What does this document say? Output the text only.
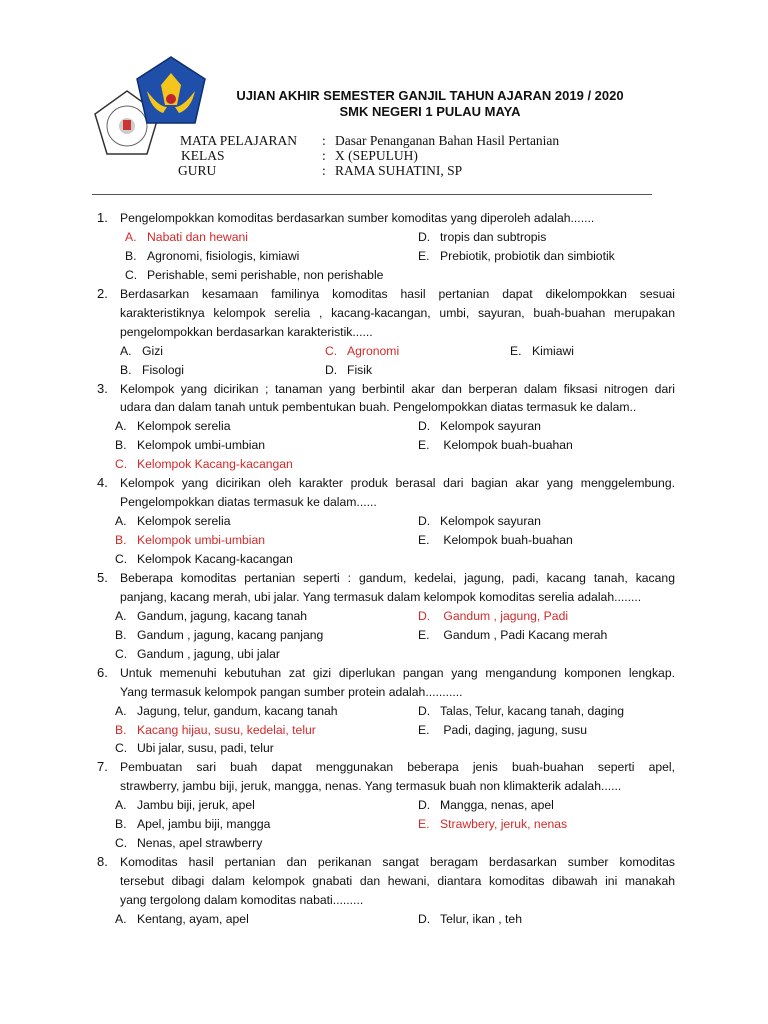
UJIAN AKHIR SEMESTER GANJIL TAHUN AJARAN 2019 / 2020
SMK NEGERI 1 PULAU MAYA
MATA PELAJARAN : Dasar Penanganan Bahan Hasil Pertanian
KELAS	: X (SEPULUH)
GURU	: RAMA SUHATINI, SP
1. Pengelompokkan komoditas berdasarkan sumber komoditas yang diperoleh adalah.......
A. Nabati dan hewani	D. tropis dan subtropis
B. Agronomi, fisiologis, kimiawi	E. Prebiotik, probiotik dan simbiotik
C. Perishable, semi perishable, non perishable
2. Berdasarkan kesamaan familinya komoditas hasil pertanian dapat dikelompokkan sesuai
karakteristiknya kelompok serelia , kacang-kacangan, umbi, sayuran, buah-buahan merupakan
pengelompokkan berdasarkan karakteristik......
A. Gizi	C. Agronomi	E. Kimiawi
B. Fisologi	D. Fisik
3. Kelompok yang dicirikan ; tanaman yang berbintil akar dan berperan dalam fiksasi nitrogen dari
udara dan dalam tanah untuk pembentukan buah. Pengelompokkan diatas termasuk ke dalam..
A. Kelompok serelia	D. Kelompok sayuran
B. Kelompok umbi-umbian	E. Kelompok buah-buahan
C. Kelompok Kacang-kacangan
4. Kelompok yang dicirikan oleh karakter produk berasal dari bagian akar yang menggelembung.
Pengelompokkan diatas termasuk ke dalam......
A. Kelompok serelia	D. Kelompok sayuran
B. Kelompok umbi-umbian	E. Kelompok buah-buahan
C. Kelompok Kacang-kacangan
5. Beberapa komoditas pertanian seperti : gandum, kedelai, jagung, padi, kacang tanah, kacang
panjang, kacang merah, ubi jalar. Yang termasuk dalam kelompok komoditas serelia adalah........
A. Gandum, jagung, kacang tanah	D. Gandum , jagung, Padi
B. Gandum , jagung, kacang panjang	E. Gandum , Padi Kacang merah
C. Gandum , jagung, ubi jalar
6. Untuk memenuhi kebutuhan zat gizi diperlukan pangan yang mengandung komponen lengkap.
Yang termasuk kelompok pangan sumber protein adalah...........
A. Jagung, telur, gandum, kacang tanah	D. Talas, Telur, kacang tanah, daging
B. Kacang hijau, susu, kedelai, telur	E. Padi, daging, jagung, susu
C. Ubi jalar, susu, padi, telur
7. Pembuatan sari buah dapat menggunakan beberapa jenis buah-buahan seperti apel,
strawberry, jambu biji, jeruk, mangga, nenas. Yang termasuk buah non klimakterik adalah......
A. Jambu biji, jeruk, apel	D. Mangga, nenas, apel
B. Apel, jambu biji, mangga	E. Strawbery, jeruk, nenas
C. Nenas, apel strawberry
8. Komoditas hasil pertanian dan perikanan sangat beragam berdasarkan sumber komoditas
tersebut dibagi dalam kelompok gnabati dan hewani, diantara komoditas dibawah ini manakah
yang tergolong dalam komoditas nabati.........
A. Kentang, ayam, apel	D. Telur, ikan , teh
